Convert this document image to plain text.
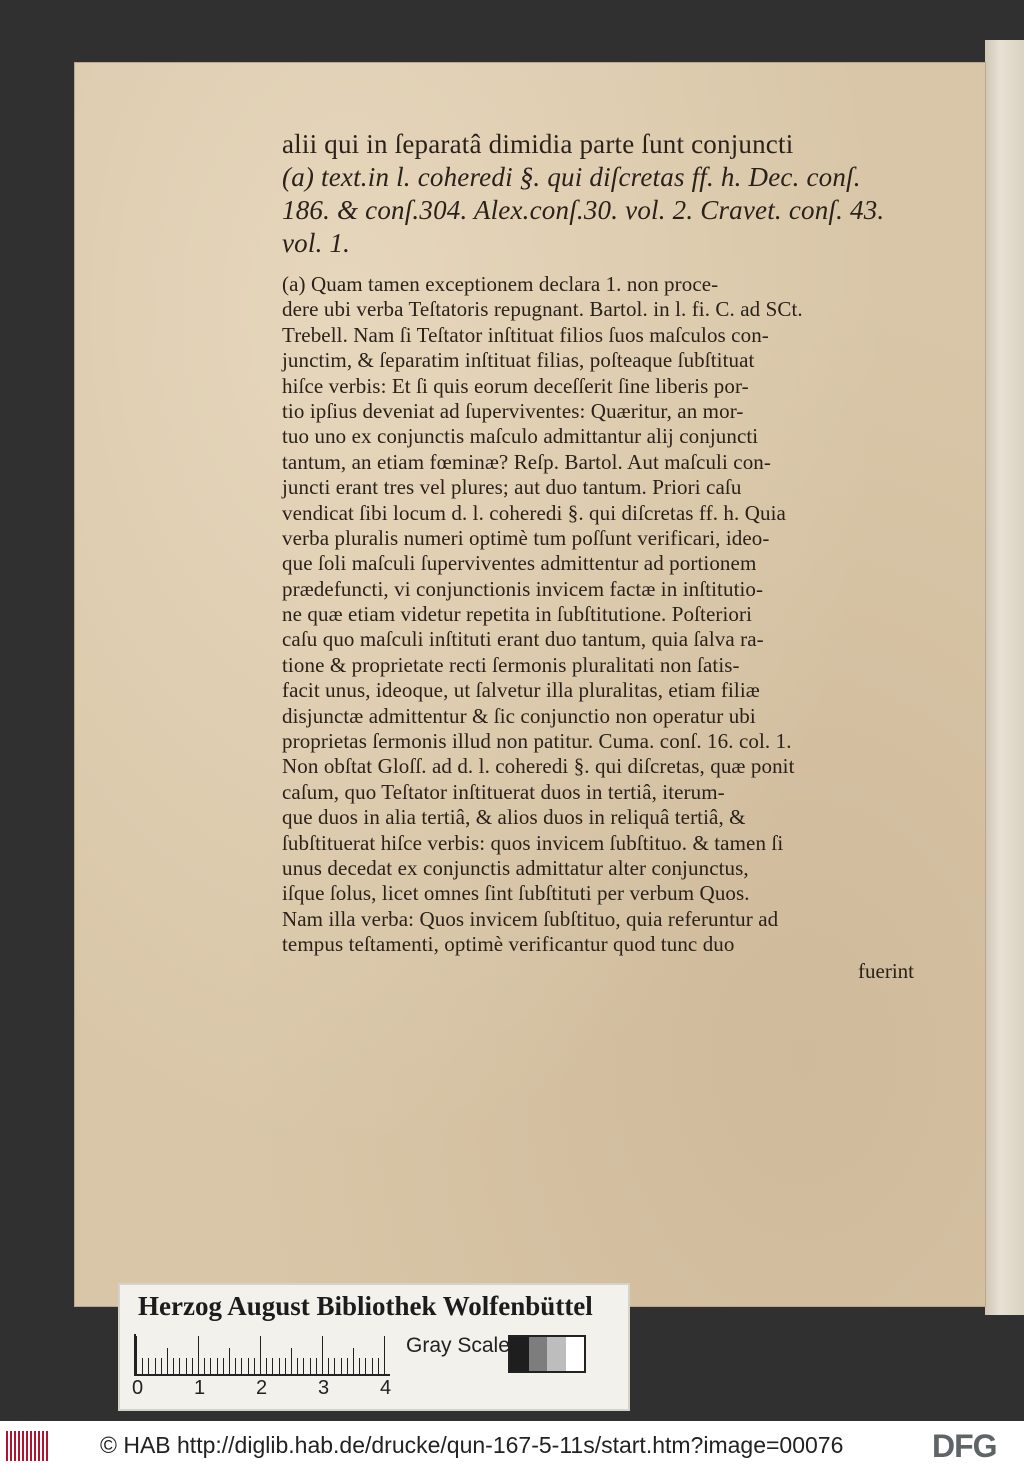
alii qui in ſeparatâ dimidia parte ſunt conjuncti
(a) text.in l. coheredi §. qui diſcretas ff. h. Dec. conſ.
186. & conſ.304. Alex.conſ.30. vol. 2. Cravet. conſ. 43.
vol. 1.
(a) Quam tamen exceptionem declara 1. non proce-
dere ubi verba Teſtatoris repugnant. Bartol. in l. fi. C. ad SCt.
Trebell. Nam ſi Teſtator inſtituat filios ſuos maſculos con-
junctim, & ſeparatim inſtituat filias, poſteaque ſubſtituat
hiſce verbis: Et ſi quis eorum deceſſerit ſine liberis por-
tio ipſius deveniat ad ſuperviventes: Quæritur, an mor-
tuo uno ex conjunctis maſculo admittantur alij conjuncti
tantum, an etiam fœminæ? Reſp. Bartol. Aut maſculi con-
juncti erant tres vel plures; aut duo tantum. Priori caſu
vendicat ſibi locum d. l. coheredi §. qui diſcretas ff. h. Quia
verba pluralis numeri optimè tum poſſunt verificari, ideo-
que ſoli maſculi ſuperviventes admittentur ad portionem
prædefuncti, vi conjunctionis invicem factæ in inſtitutio-
ne quæ etiam videtur repetita in ſubſtitutione. Poſteriori
caſu quo maſculi inſtituti erant duo tantum, quia ſalva ra-
tione & proprietate recti ſermonis pluralitati non ſatis-
facit unus, ideoque, ut ſalvetur illa pluralitas, etiam filiæ
disjunctæ admittentur & ſic conjunctio non operatur ubi
proprietas ſermonis illud non patitur. Cuma. conſ. 16. col. 1.
Non obſtat Gloſſ. ad d. l. coheredi §. qui diſcretas, quæ ponit
caſum, quo Teſtator inſtituerat duos in tertiâ, iterum-
que duos in alia tertiâ, & alios duos in reliquâ tertiâ, &
ſubſtituerat hiſce verbis: quos invicem ſubſtituo. & tamen ſi
unus decedat ex conjunctis admittatur alter conjunctus,
iſque ſolus, licet omnes ſint ſubſtituti per verbum Quos.
Nam illa verba: Quos invicem ſubſtituo, quia referuntur ad
tempus teſtamenti, optimè verificantur quod tunc duo
fuerint
Herzog August Bibliothek Wolfenbüttel
0	1	2	3	4
Gray Scale
© HAB http://diglib.hab.de/drucke/qun-167-5-11s/start.htm?image=00076	DFG
